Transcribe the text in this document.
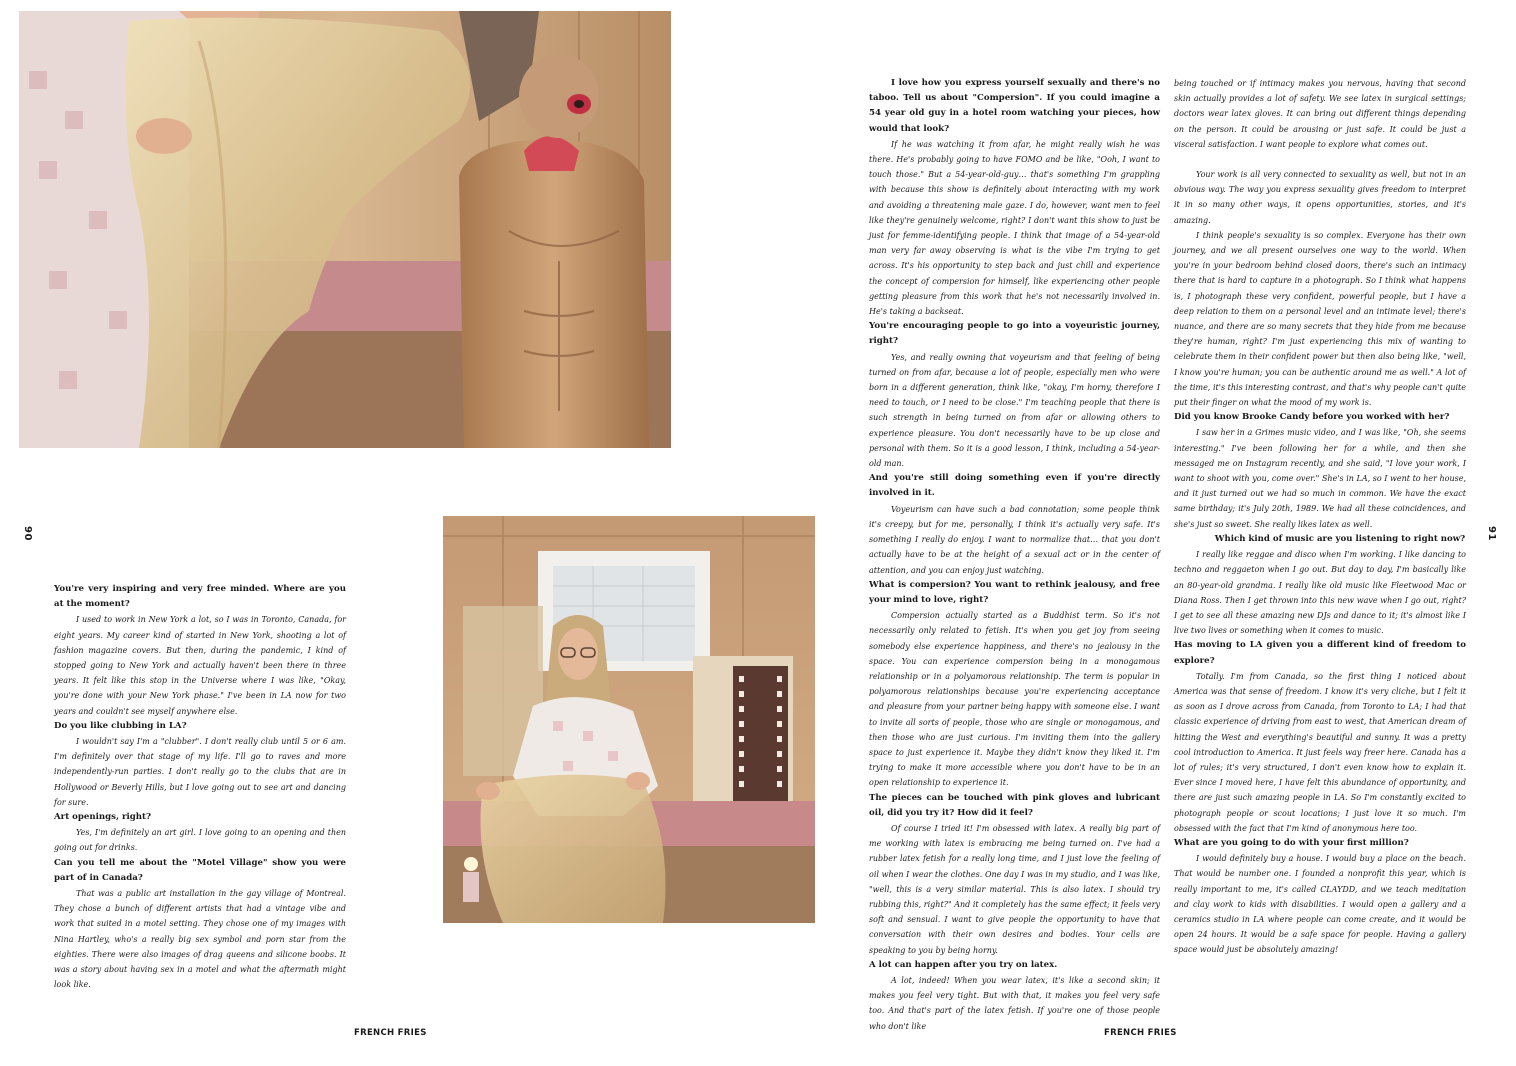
90	91
FRENCH FRIES	FRENCH FRIES

You're very inspiring and very free minded. Where are you at the moment?

I used to work in New York a lot, so I was in Toronto, Canada, for eight years. My career kind of started in New York, shooting a lot of fashion magazine covers. But then, during the pandemic, I kind of stopped going to New York and actually haven't been there in three years. It felt like this stop in the Universe where I was like, "Okay, you're done with your New York phase." I've been in LA now for two years and couldn't see myself anywhere else.

Do you like clubbing in LA?

I wouldn't say I'm a "clubber". I don't really club until 5 or 6 am. I'm definitely over that stage of my life. I'll go to raves and more independently-run parties. I don't really go to the clubs that are in Hollywood or Beverly Hills, but I love going out to see art and dancing for sure.

Art openings, right?

Yes, I'm definitely an art girl. I love going to an opening and then going out for drinks.

Can you tell me about the "Motel Village" show you were part of in Canada?

That was a public art installation in the gay village of Montreal. They chose a bunch of different artists that had a vintage vibe and work that suited in a motel setting. They chose one of my images with Nina Hartley, who's a really big sex symbol and porn star from the eighties. There were also images of drag queens and silicone boobs. It was a story about having sex in a motel and what the aftermath might look like.

I love how you express yourself sexually and there's no taboo. Tell us about "Compersion". If you could imagine a 54 year old guy in a hotel room watching your pieces, how would that look?

If he was watching it from afar, he might really wish he was there. He's probably going to have FOMO and be like, "Ooh, I want to touch those." But a 54-year-old-guy… that's something I'm grappling with because this show is definitely about interacting with my work and avoiding a threatening male gaze. I do, however, want men to feel like they're genuinely welcome, right? I don't want this show to just be just for femme-identifying people. I think that image of a 54-year-old man very far away observing is what is the vibe I'm trying to get across. It's his opportunity to step back and just chill and experience the concept of compersion for himself, like experiencing other people getting pleasure from this work that he's not necessarily involved in. He's taking a backseat.

You're encouraging people to go into a voyeuristic journey, right?

Yes, and really owning that voyeurism and that feeling of being turned on from afar, because a lot of people, especially men who were born in a different generation, think like, "okay, I'm horny, therefore I need to touch, or I need to be close." I'm teaching people that there is such strength in being turned on from afar or allowing others to experience pleasure. You don't necessarily have to be up close and personal with them. So it is a good lesson, I think, including a 54-year-old man.

And you're still doing something even if you're directly involved in it.

Voyeurism can have such a bad connotation; some people think it's creepy, but for me, personally, I think it's actually very safe. It's something I really do enjoy. I want to normalize that… that you don't actually have to be at the height of a sexual act or in the center of attention, and you can enjoy just watching.

What is compersion? You want to rethink jealousy, and free your mind to love, right?

Compersion actually started as a Buddhist term. So it's not necessarily only related to fetish. It's when you get joy from seeing somebody else experience happiness, and there's no jealousy in the space. You can experience compersion being in a monogamous relationship or in a polyamorous relationship. The term is popular in polyamorous relationships because you're experiencing acceptance and pleasure from your partner being happy with someone else. I want to invite all sorts of people, those who are single or monogamous, and then those who are just curious. I'm inviting them into the gallery space to just experience it. Maybe they didn't know they liked it. I'm trying to make it more accessible where you don't have to be in an open relationship to experience it.

The pieces can be touched with pink gloves and lubricant oil, did you try it? How did it feel?

Of course I tried it! I'm obsessed with latex. A really big part of me working with latex is embracing me being turned on. I've had a rubber latex fetish for a really long time, and I just love the feeling of oil when I wear the clothes. One day I was in my studio, and I was like, "well, this is a very similar material. This is also latex. I should try rubbing this, right?" And it completely has the same effect; it feels very soft and sensual. I want to give people the opportunity to have that conversation with their own desires and bodies. Your cells are speaking to you by being horny.

A lot can happen after you try on latex.

A lot, indeed! When you wear latex, it's like a second skin; it makes you feel very tight. But with that, it makes you feel very safe too. And that's part of the latex fetish. If you're one of those people who don't like

being touched or if intimacy makes you nervous, having that second skin actually provides a lot of safety. We see latex in surgical settings; doctors wear latex gloves. It can bring out different things depending on the person. It could be arousing or just safe. It could be just a visceral satisfaction. I want people to explore what comes out.

Your work is all very connected to sexuality as well, but not in an obvious way. The way you express sexuality gives freedom to interpret it in so many other ways, it opens opportunities, stories, and it's amazing.

I think people's sexuality is so complex. Everyone has their own journey, and we all present ourselves one way to the world. When you're in your bedroom behind closed doors, there's such an intimacy there that is hard to capture in a photograph. So I think what happens is, I photograph these very confident, powerful people, but I have a deep relation to them on a personal level and an intimate level; there's nuance, and there are so many secrets that they hide from me because they're human, right? I'm just experiencing this mix of wanting to celebrate them in their confident power but then also being like, "well, I know you're human; you can be authentic around me as well." A lot of the time, it's this interesting contrast, and that's why people can't quite put their finger on what the mood of my work is.

Did you know Brooke Candy before you worked with her?

I saw her in a Grimes music video, and I was like, "Oh, she seems interesting." I've been following her for a while, and then she messaged me on Instagram recently, and she said, "I love your work, I want to shoot with you, come over." She's in LA, so I went to her house, and it just turned out we had so much in common. We have the exact same birthday; it's July 20th, 1989. We had all these coincidences, and she's just so sweet. She really likes latex as well.

Which kind of music are you listening to right now?

I really like reggae and disco when I'm working. I like dancing to techno and reggaeton when I go out. But day to day, I'm basically like an 80-year-old grandma. I really like old music like Fleetwood Mac or Diana Ross. Then I get thrown into this new wave when I go out, right? I get to see all these amazing new DJs and dance to it; it's almost like I live two lives or something when it comes to music.

Has moving to LA given you a different kind of freedom to explore?

Totally. I'm from Canada, so the first thing I noticed about America was that sense of freedom. I know it's very cliche, but I felt it as soon as I drove across from Canada, from Toronto to LA; I had that classic experience of driving from east to west, that American dream of hitting the West and everything's beautiful and sunny. It was a pretty cool introduction to America. It just feels way freer here. Canada has a lot of rules; it's very structured, I don't even know how to explain it. Ever since I moved here, I have felt this abundance of opportunity, and there are just such amazing people in LA. So I'm constantly excited to photograph people or scout locations; I just love it so much. I'm obsessed with the fact that I'm kind of anonymous here too.

What are you going to do with your first million?

I would definitely buy a house. I would buy a place on the beach. That would be number one. I founded a nonprofit this year, which is really important to me, it's called CLAYDD, and we teach meditation and clay work to kids with disabilities. I would open a gallery and a ceramics studio in LA where people can come create, and it would be open 24 hours. It would be a safe space for people. Having a gallery space would just be absolutely amazing!
